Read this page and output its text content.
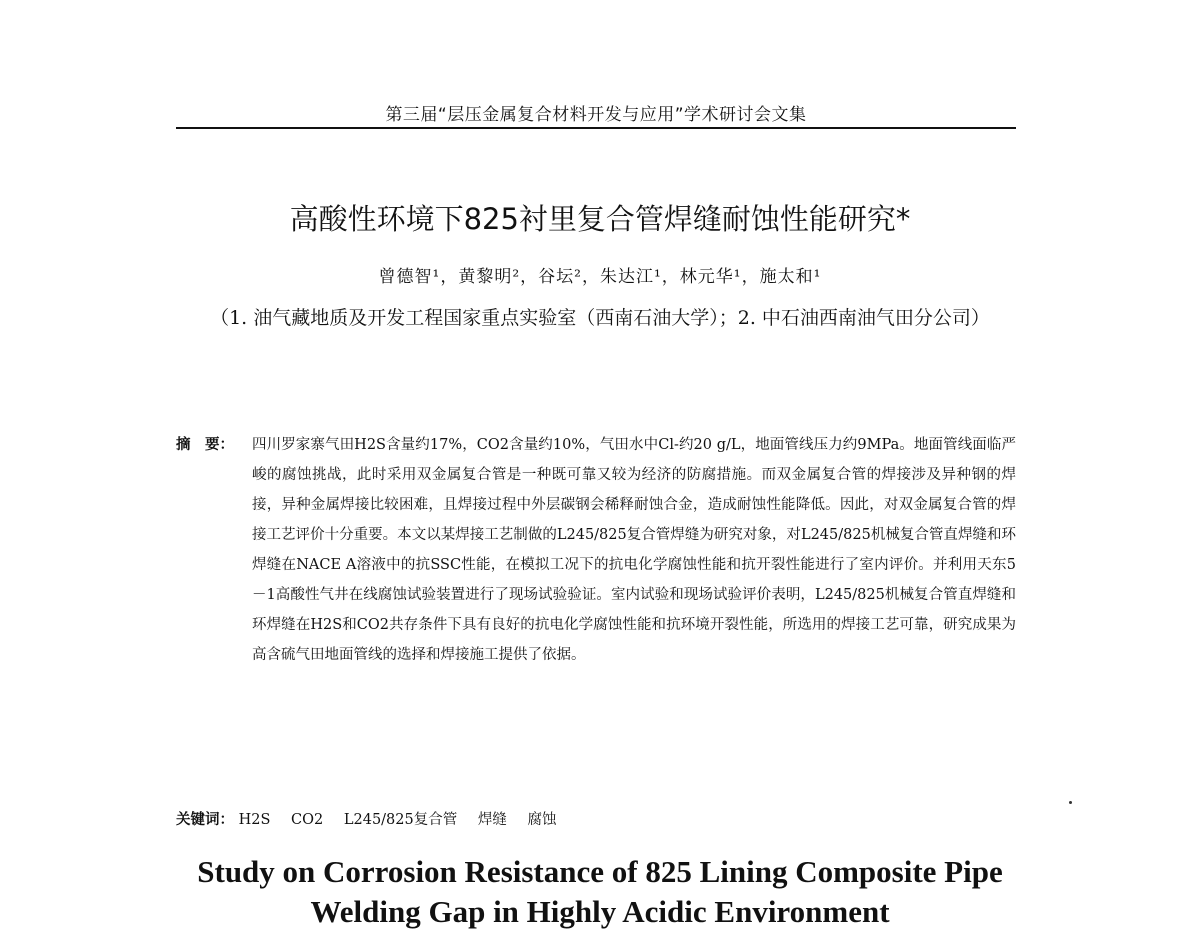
第三届“层压金属复合材料开发与应用”学术研讨会文集
高酸性环境下825衬里复合管焊缝耐蚀性能研究*
曾德智¹，黄黎明²，谷坛²，朱达江¹，林元华¹，施太和¹
（1. 油气藏地质及开发工程国家重点实验室（西南石油大学）；2. 中石油西南油气田分公司）
摘　要：	四川罗家寨气田H2S含量约17%，CO2含量约10%，气田水中Cl-约20 g/L，地面管线压力约9MPa。地面管线面临严峻的腐蚀挑战，此时采用双金属复合管是一种既可靠又较为经济的防腐措施。而双金属复合管的焊接涉及异种钢的焊接，异种金属焊接比较困难，且焊接过程中外层碳钢会稀释耐蚀合金，造成耐蚀性能降低。因此，对双金属复合管的焊接工艺评价十分重要。本文以某焊接工艺制做的L245/825复合管焊缝为研究对象，对L245/825机械复合管直焊缝和环焊缝在NACE A溶液中的抗SSC性能，在模拟工况下的抗电化学腐蚀性能和抗开裂性能进行了室内评价。并利用天东5－1高酸性气井在线腐蚀试验装置进行了现场试验验证。室内试验和现场试验评价表明，L245/825机械复合管直焊缝和环焊缝在H2S和CO2共存条件下具有良好的抗电化学腐蚀性能和抗环境开裂性能，所选用的焊接工艺可靠，研究成果为高含硫气田地面管线的选择和焊接施工提供了依据。
关键词： H2S CO2 L245/825复合管 焊缝 腐蚀
Study on Corrosion Resistance of 825 Lining Composite Pipe
Welding Gap in Highly Acidic Environment
